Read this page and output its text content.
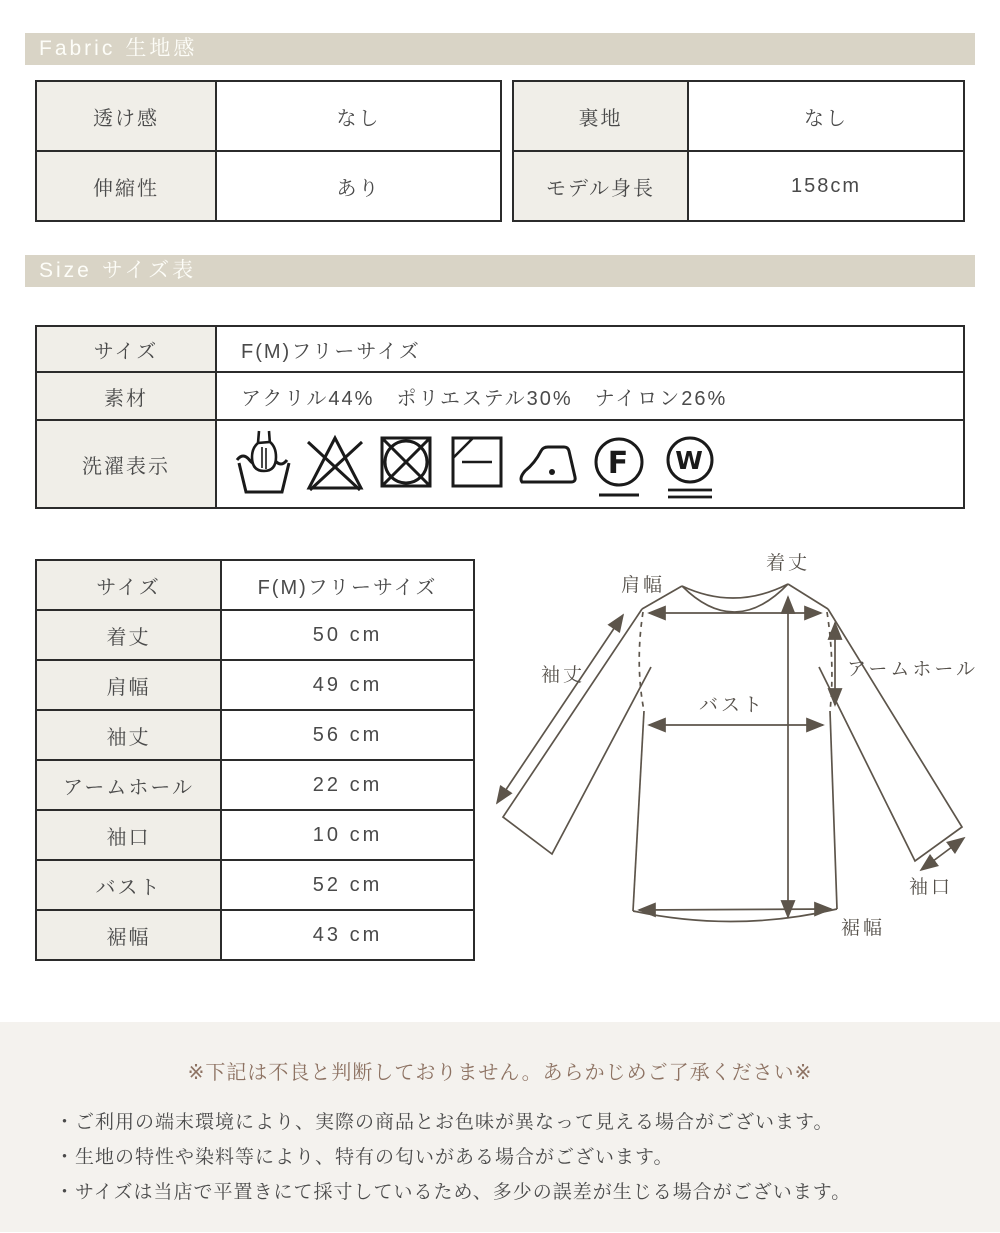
Fabric 生地感
透け感	なし
伸縮性	あり
裏地	なし
モデル身長	158cm
Size サイズ表
サイズ	F(M)フリーサイズ
素材	アクリル44%　ポリエステル30%　ナイロン26%
洗濯表示	F W
サイズ	F(M)フリーサイズ
着丈	50 cm
肩幅	49 cm
袖丈	56 cm
アームホール	22 cm
袖口	10 cm
バスト	52 cm
裾幅	43 cm
着丈
肩幅
袖丈	アームホール
バスト
袖口
裾幅
※下記は不良と判断しておりません。あらかじめご了承ください※
・ご利用の端末環境により、実際の商品とお色味が異なって見える場合がございます。
・生地の特性や染料等により、特有の匂いがある場合がございます。
・サイズは当店で平置きにて採寸しているため、多少の誤差が生じる場合がございます。
